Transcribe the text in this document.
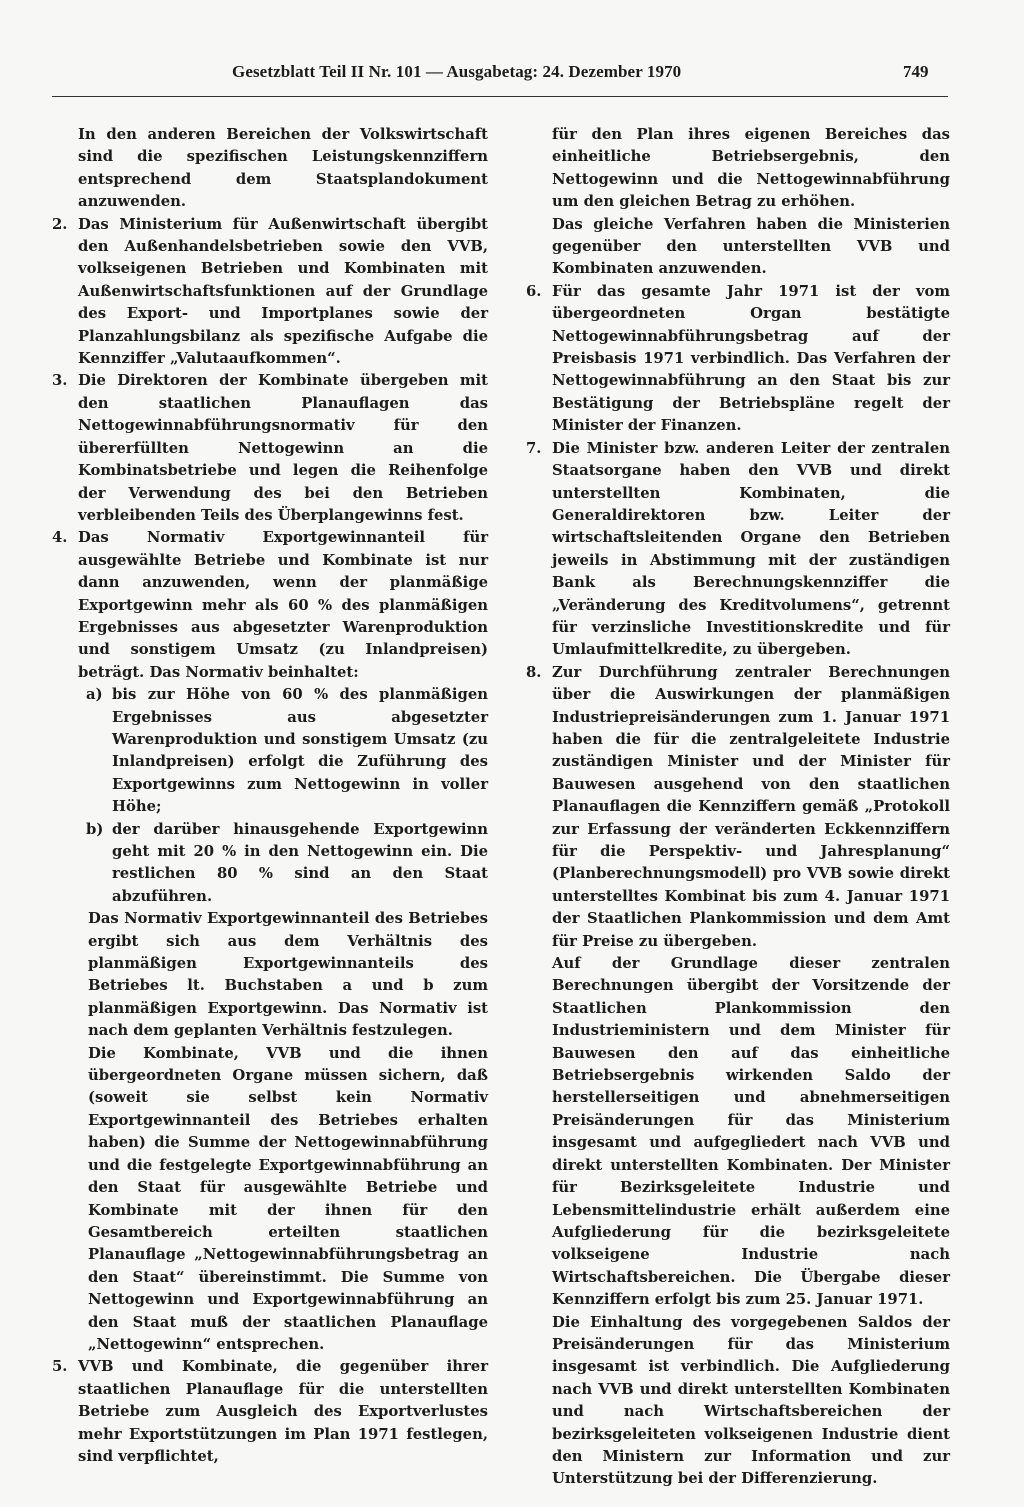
Gesetzblatt Teil II Nr. 101 — Ausgabetag: 24. Dezember 1970	749

In den anderen Bereichen der Volkswirtschaft sind die spezifischen Leistungskennziffern entsprechend dem Staatsplandokument anzuwenden.

2. Das Ministerium für Außenwirtschaft übergibt den Außenhandelsbetrieben sowie den VVB, volkseigenen Betrieben und Kombinaten mit Außenwirtschaftsfunktionen auf der Grundlage des Export- und Importplanes sowie der Planzahlungsbilanz als spezifische Aufgabe die Kennziffer „Valutaaufkommen“.
3. Die Direktoren der Kombinate übergeben mit den staatlichen Planauflagen das Nettogewinnabführungsnormativ für den übererfüllten Nettogewinn an die Kombinatsbetriebe und legen die Reihenfolge der Verwendung des bei den Betrieben verbleibenden Teils des Überplangewinns fest.
4. Das Normativ Exportgewinnanteil für ausgewählte Betriebe und Kombinate ist nur dann anzuwenden, wenn der planmäßige Exportgewinn mehr als 60 % des planmäßigen Ergebnisses aus abgesetzter Warenproduktion und sonstigem Umsatz (zu Inlandpreisen) beträgt. Das Normativ beinhaltet:
a) bis zur Höhe von 60 % des planmäßigen Ergebnisses aus abgesetzter Warenproduktion und sonstigem Umsatz (zu Inlandpreisen) erfolgt die Zuführung des Exportgewinns zum Nettogewinn in voller Höhe;
b) der darüber hinausgehende Exportgewinn geht mit 20 % in den Nettogewinn ein. Die restlichen 80 % sind an den Staat abzuführen.

Das Normativ Exportgewinnanteil des Betriebes ergibt sich aus dem Verhältnis des planmäßigen Exportgewinnanteils des Betriebes lt. Buchstaben a und b zum planmäßigen Exportgewinn. Das Normativ ist nach dem geplanten Verhältnis festzulegen.

Die Kombinate, VVB und die ihnen übergeordneten Organe müssen sichern, daß (soweit sie selbst kein Normativ Exportgewinnanteil des Betriebes erhalten haben) die Summe der Nettogewinnabführung und die festgelegte Exportgewinnabführung an den Staat für ausgewählte Betriebe und Kombinate mit der ihnen für den Gesamtbereich erteilten staatlichen Planauflage „Nettogewinnabführungsbetrag an den Staat“ übereinstimmt. Die Summe von Nettogewinn und Exportgewinnabführung an den Staat muß der staatlichen Planauflage „Nettogewinn“ entsprechen.

5. VVB und Kombinate, die gegenüber ihrer staatlichen Planauflage für die unterstellten Betriebe zum Ausgleich des Exportverlustes mehr Exportstützungen im Plan 1971 festlegen, sind verpflichtet,

für den Plan ihres eigenen Bereiches das einheitliche Betriebsergebnis, den Nettogewinn und die Nettogewinnabführung um den gleichen Betrag zu erhöhen.

Das gleiche Verfahren haben die Ministerien gegenüber den unterstellten VVB und Kombinaten anzuwenden.

6. Für das gesamte Jahr 1971 ist der vom übergeordneten Organ bestätigte Nettogewinnabführungsbetrag auf der Preisbasis 1971 verbindlich. Das Verfahren der Nettogewinnabführung an den Staat bis zur Bestätigung der Betriebspläne regelt der Minister der Finanzen.
7. Die Minister bzw. anderen Leiter der zentralen Staatsorgane haben den VVB und direkt unterstellten Kombinaten, die Generaldirektoren bzw. Leiter der wirtschaftsleitenden Organe den Betrieben jeweils in Abstimmung mit der zuständigen Bank als Berechnungskennziffer die „Veränderung des Kreditvolumens“, getrennt für verzinsliche Investitionskredite und für Umlaufmittelkredite, zu übergeben.
8. Zur Durchführung zentraler Berechnungen über die Auswirkungen der planmäßigen Industriepreisänderungen zum 1. Januar 1971 haben die für die zentralgeleitete Industrie zuständigen Minister und der Minister für Bauwesen ausgehend von den staatlichen Planauflagen die Kennziffern gemäß „Protokoll zur Erfassung der veränderten Eckkennziffern für die Perspektiv- und Jahresplanung“ (Planberechnungsmodell) pro VVB sowie direkt unterstelltes Kombinat bis zum 4. Januar 1971 der Staatlichen Plankommission und dem Amt für Preise zu übergeben.

Auf der Grundlage dieser zentralen Berechnungen übergibt der Vorsitzende der Staatlichen Plankommission den Industrieministern und dem Minister für Bauwesen den auf das einheitliche Betriebsergebnis wirkenden Saldo der herstellerseitigen und abnehmerseitigen Preisänderungen für das Ministerium insgesamt und aufgegliedert nach VVB und direkt unterstellten Kombinaten. Der Minister für Bezirksgeleitete Industrie und Lebensmittelindustrie erhält außerdem eine Aufgliederung für die bezirksgeleitete volkseigene Industrie nach Wirtschaftsbereichen. Die Übergabe dieser Kennziffern erfolgt bis zum 25. Januar 1971.

Die Einhaltung des vorgegebenen Saldos der Preisänderungen für das Ministerium insgesamt ist verbindlich. Die Aufgliederung nach VVB und direkt unterstellten Kombinaten und nach Wirtschaftsbereichen der bezirksgeleiteten volkseigenen Industrie dient den Ministern zur Information und zur Unterstützung bei der Differenzierung.
